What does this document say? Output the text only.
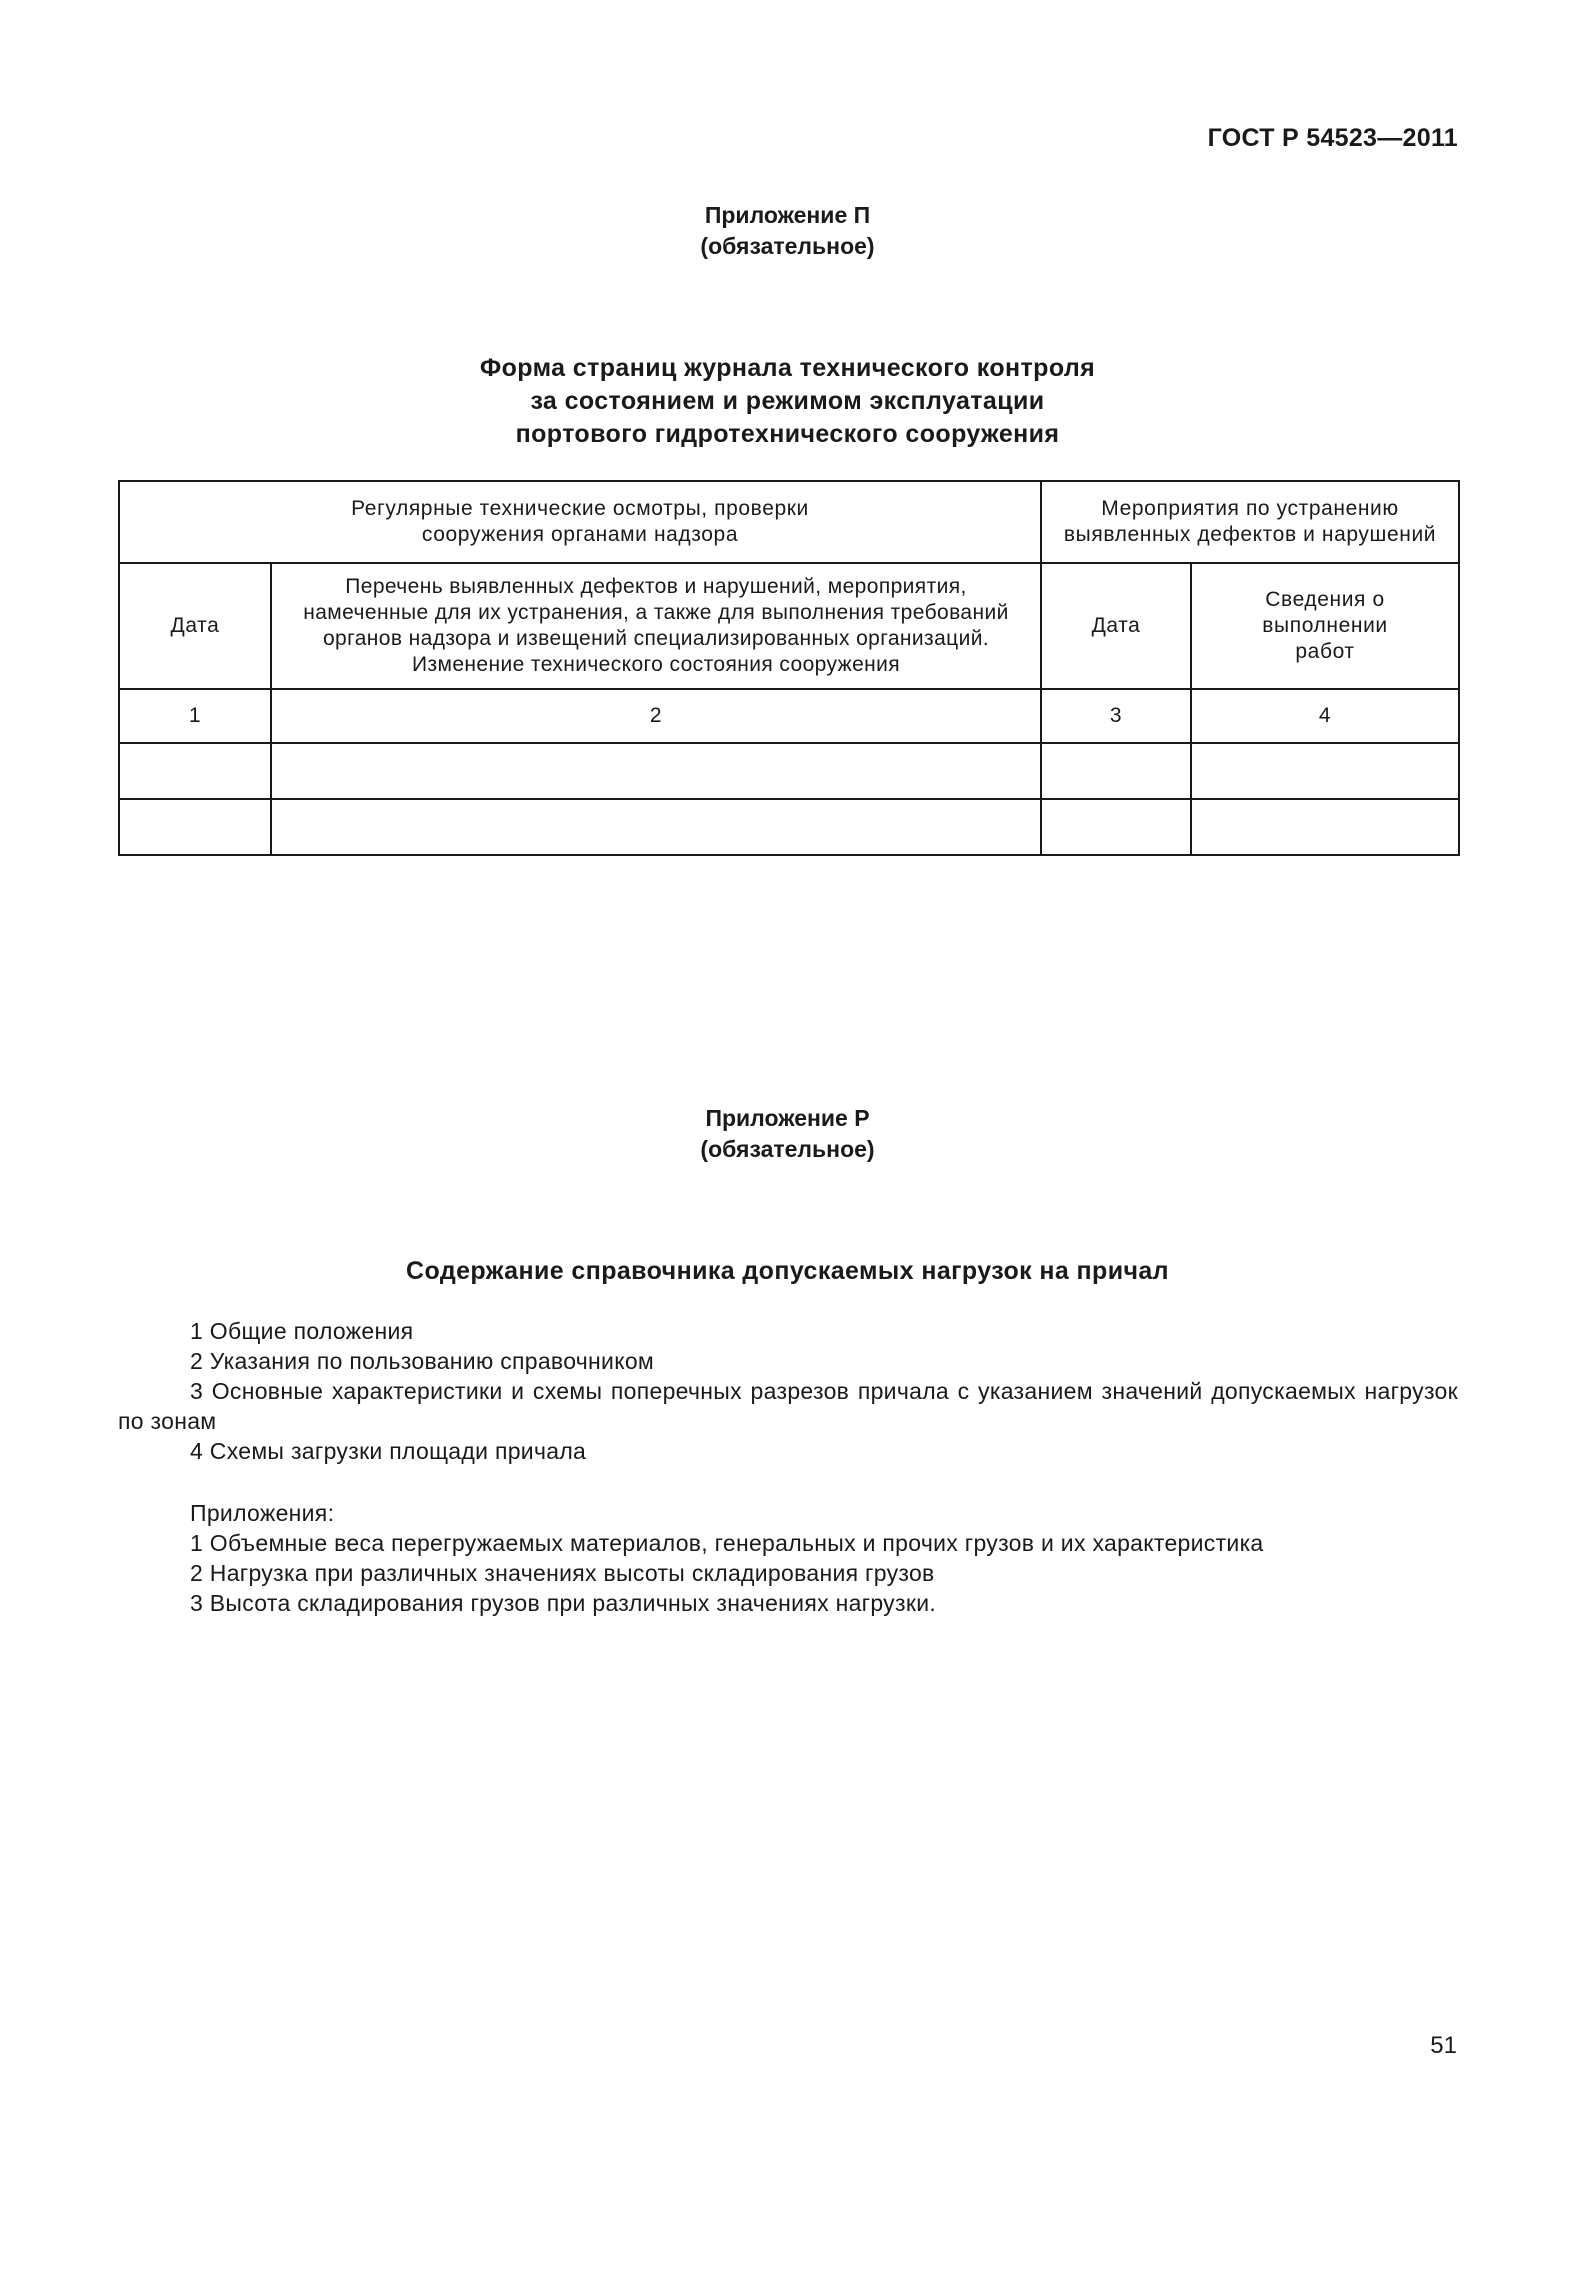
ГОСТ Р 54523—2011
Приложение П
(обязательное)
Форма страниц журнала технического контроля
за состоянием и режимом эксплуатации
портового гидротехнического сооружения
Регулярные технические осмотры, проверки сооружения органами надзора		Мероприятия по устранению выявленных дефектов и нарушений	
Дата	Перечень выявленных дефектов и нарушений, мероприятия, намеченные для их устранения, а также для выполнения требований органов надзора и извещений специализированных организаций. Изменение технического состояния сооружения	Дата	Сведения о выполнении работ
1	2	3	4

Приложение Р
(обязательное)
Содержание справочника допускаемых нагрузок на причал

1 Общие положения

2 Указания по пользованию справочником

3 Основные характеристики и схемы поперечных разрезов причала с указанием значений допускаемых нагрузок по зонам

4 Схемы загрузки площади причала

Приложения:

1 Объемные веса перегружаемых материалов, генеральных и прочих грузов и их характеристика

2 Нагрузка при различных значениях высоты складирования грузов

3 Высота складирования грузов при различных значениях нагрузки.

51
